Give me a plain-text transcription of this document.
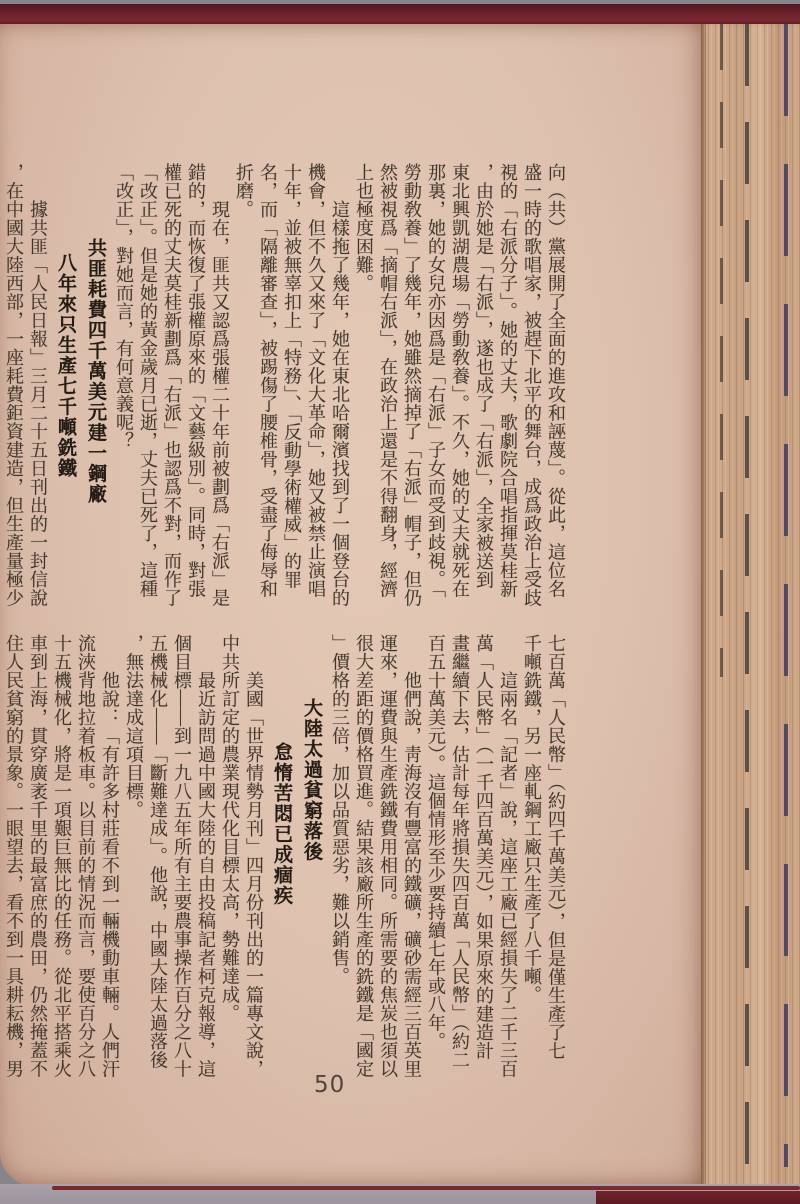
向（共）黨展開了全面的進攻和誣蔑」。從此，這位名
盛一時的歌唱家，被趕下北平的舞台，成爲政治上受歧
視的「右派分子」。她的丈夫，歌劇院合唱指揮莫桂新
，由於她是「右派」，遂也成了「右派」，全家被送到
東北興凱湖農場「勞動敎養」。不久，她的丈夫就死在
那裏，她的女兒亦因爲是「右派」子女而受到歧視。「
勞動敎養」了幾年，她雖然摘掉了「右派」帽子，但仍
然被視爲「摘帽右派」，在政治上還是不得翻身，經濟
上也極度困難。
這樣拖了幾年，她在東北哈爾濱找到了一個登台的
機會，但不久又來了「文化大革命」，她又被禁止演唱
十年，並被無辜扣上「特務」、「反動學術權威」的罪
名，而「隔離審查」，被踢傷了腰椎骨，受盡了侮辱和
折磨。
現在，匪共又認爲張權二十年前被劃爲「右派」是
錯的，而恢復了張權原來的「文藝級別」。同時，對張
權已死的丈夫莫桂新劃爲「右派」也認爲不對，而作了
「改正」。但是她的黃金歲月已逝，丈夫已死了，這種
「改正」，對她而言，有何意義呢？
共匪耗費四千萬美元建一鋼廠
八年來只生產七千噸銑鐵
據共匪「人民日報」三月二十五日刊出的一封信說
，在中國大陸西部，一座耗費鉅資建造，但生產量極少
七百萬「人民幣」（約四千萬美元），但是僅生產了七
千噸銑鐵，另一座軋鋼工廠只生產了八千噸。
這兩名「記者」說，這座工廠已經損失了二千三百
萬「人民幣」（一千四百萬美元），如果原來的建造計
畫繼續下去，估計每年將損失四百萬「人民幣」（約二
百五十萬美元）。這個情形至少要持續七年或八年。
他們說，靑海沒有豐富的鐵礦，礦砂需經三百英里
運來，運費與生產銑鐵費用相同。所需要的焦炭也須以
很大差距的價格買進。結果該廠所生產的銑鐵是「國定
」價格的三倍，加以品質惡劣，難以銷售。
大陸太過貧窮落後
怠惰苦悶已成痼疾
美國「世界情勢月刊」四月份刊出的一篇專文說，
中共所訂定的農業現代化目標太高，勢難達成。
最近訪問過中國大陸的自由投稿記者柯克報導，這
個目標——到一九八五年所有主要農事操作百分之八十
五機械化——「斷難達成」。他說，中國大陸太過落後
，無法達成這項目標。
他說：「有許多村莊看不到一輛機動車輛。人們汗
流浹背地拉着板車。以目前的情況而言，要使百分之八
十五機械化，將是一項艱巨無比的任務。從北平搭乘火
車到上海，貫穿廣袤千里的最富庶的農田，仍然掩蓋不
住人民貧窮的景象。一眼望去，看不到一具耕耘機，男
50
